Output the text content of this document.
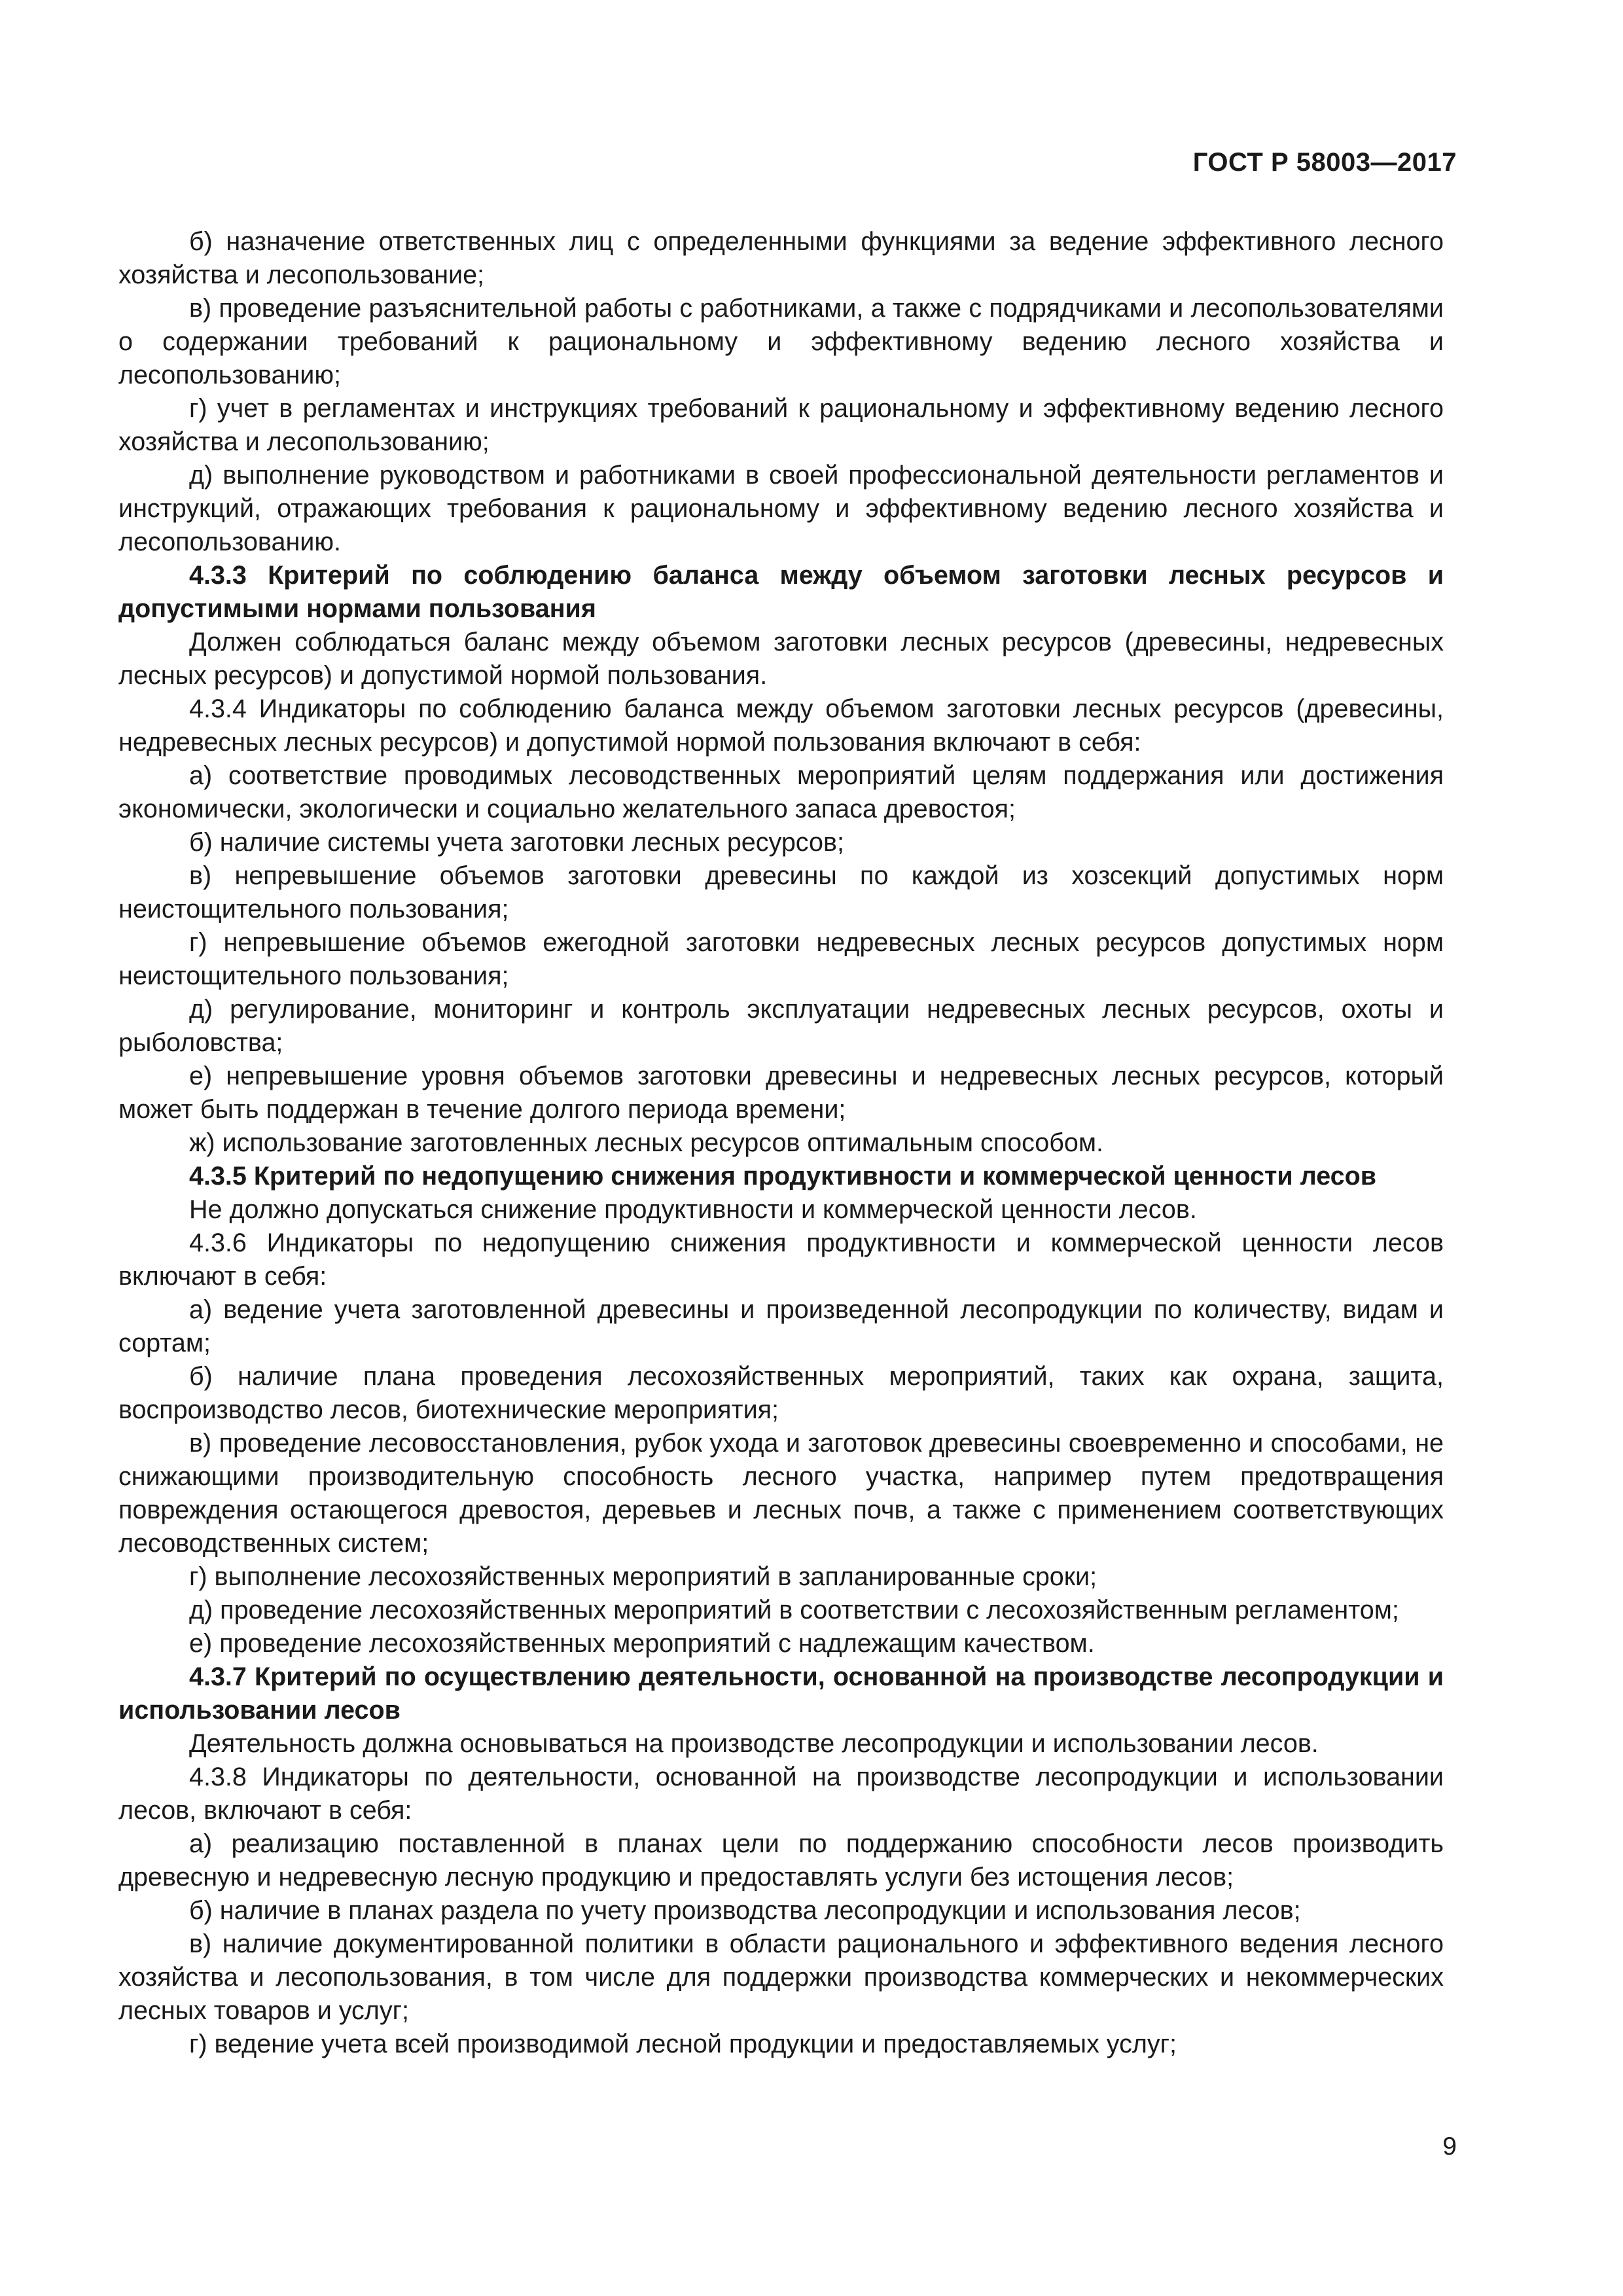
ГОСТ Р 58003—2017

б) назначение ответственных лиц с определенными функциями за ведение эффективного лесного хозяйства и лесопользование;

в) проведение разъяснительной работы с работниками, а также с подрядчиками и лесопользователями о содержании требований к рациональному и эффективному ведению лесного хозяйства и лесопользованию;

г) учет в регламентах и инструкциях требований к рациональному и эффективному ведению лесного хозяйства и лесопользованию;

д) выполнение руководством и работниками в своей профессиональной деятельности регламентов и инструкций, отражающих требования к рациональному и эффективному ведению лесного хозяйства и лесопользованию.

4.3.3 Критерий по соблюдению баланса между объемом заготовки лесных ресурсов и допустимыми нормами пользования

Должен соблюдаться баланс между объемом заготовки лесных ресурсов (древесины, недревесных лесных ресурсов) и допустимой нормой пользования.

4.3.4 Индикаторы по соблюдению баланса между объемом заготовки лесных ресурсов (древесины, недревесных лесных ресурсов) и допустимой нормой пользования включают в себя:

а) соответствие проводимых лесоводственных мероприятий целям поддержания или достижения экономически, экологически и социально желательного запаса древостоя;

б) наличие системы учета заготовки лесных ресурсов;

в) непревышение объемов заготовки древесины по каждой из хозсекций допустимых норм неистощительного пользования;

г) непревышение объемов ежегодной заготовки недревесных лесных ресурсов допустимых норм неистощительного пользования;

д) регулирование, мониторинг и контроль эксплуатации недревесных лесных ресурсов, охоты и рыболовства;

е) непревышение уровня объемов заготовки древесины и недревесных лесных ресурсов, который может быть поддержан в течение долгого периода времени;

ж) использование заготовленных лесных ресурсов оптимальным способом.

4.3.5 Критерий по недопущению снижения продуктивности и коммерческой ценности лесов

Не должно допускаться снижение продуктивности и коммерческой ценности лесов.

4.3.6 Индикаторы по недопущению снижения продуктивности и коммерческой ценности лесов включают в себя:

а) ведение учета заготовленной древесины и произведенной лесопродукции по количеству, видам и сортам;

б) наличие плана проведения лесохозяйственных мероприятий, таких как охрана, защита, воспроизводство лесов, биотехнические мероприятия;

в) проведение лесовосстановления, рубок ухода и заготовок древесины своевременно и способами, не снижающими производительную способность лесного участка, например путем предотвращения повреждения остающегося древостоя, деревьев и лесных почв, а также с применением соответствующих лесоводственных систем;

г) выполнение лесохозяйственных мероприятий в запланированные сроки;

д) проведение лесохозяйственных мероприятий в соответствии с лесохозяйственным регламентом;

е) проведение лесохозяйственных мероприятий с надлежащим качеством.

4.3.7 Критерий по осуществлению деятельности, основанной на производстве лесопродукции и использовании лесов

Деятельность должна основываться на производстве лесопродукции и использовании лесов.

4.3.8 Индикаторы по деятельности, основанной на производстве лесопродукции и использовании лесов, включают в себя:

а) реализацию поставленной в планах цели по поддержанию способности лесов производить древесную и недревесную лесную продукцию и предоставлять услуги без истощения лесов;

б) наличие в планах раздела по учету производства лесопродукции и использования лесов;

в) наличие документированной политики в области рационального и эффективного ведения лесного хозяйства и лесопользования, в том числе для поддержки производства коммерческих и некоммерческих лесных товаров и услуг;

г) ведение учета всей производимой лесной продукции и предоставляемых услуг;

9
